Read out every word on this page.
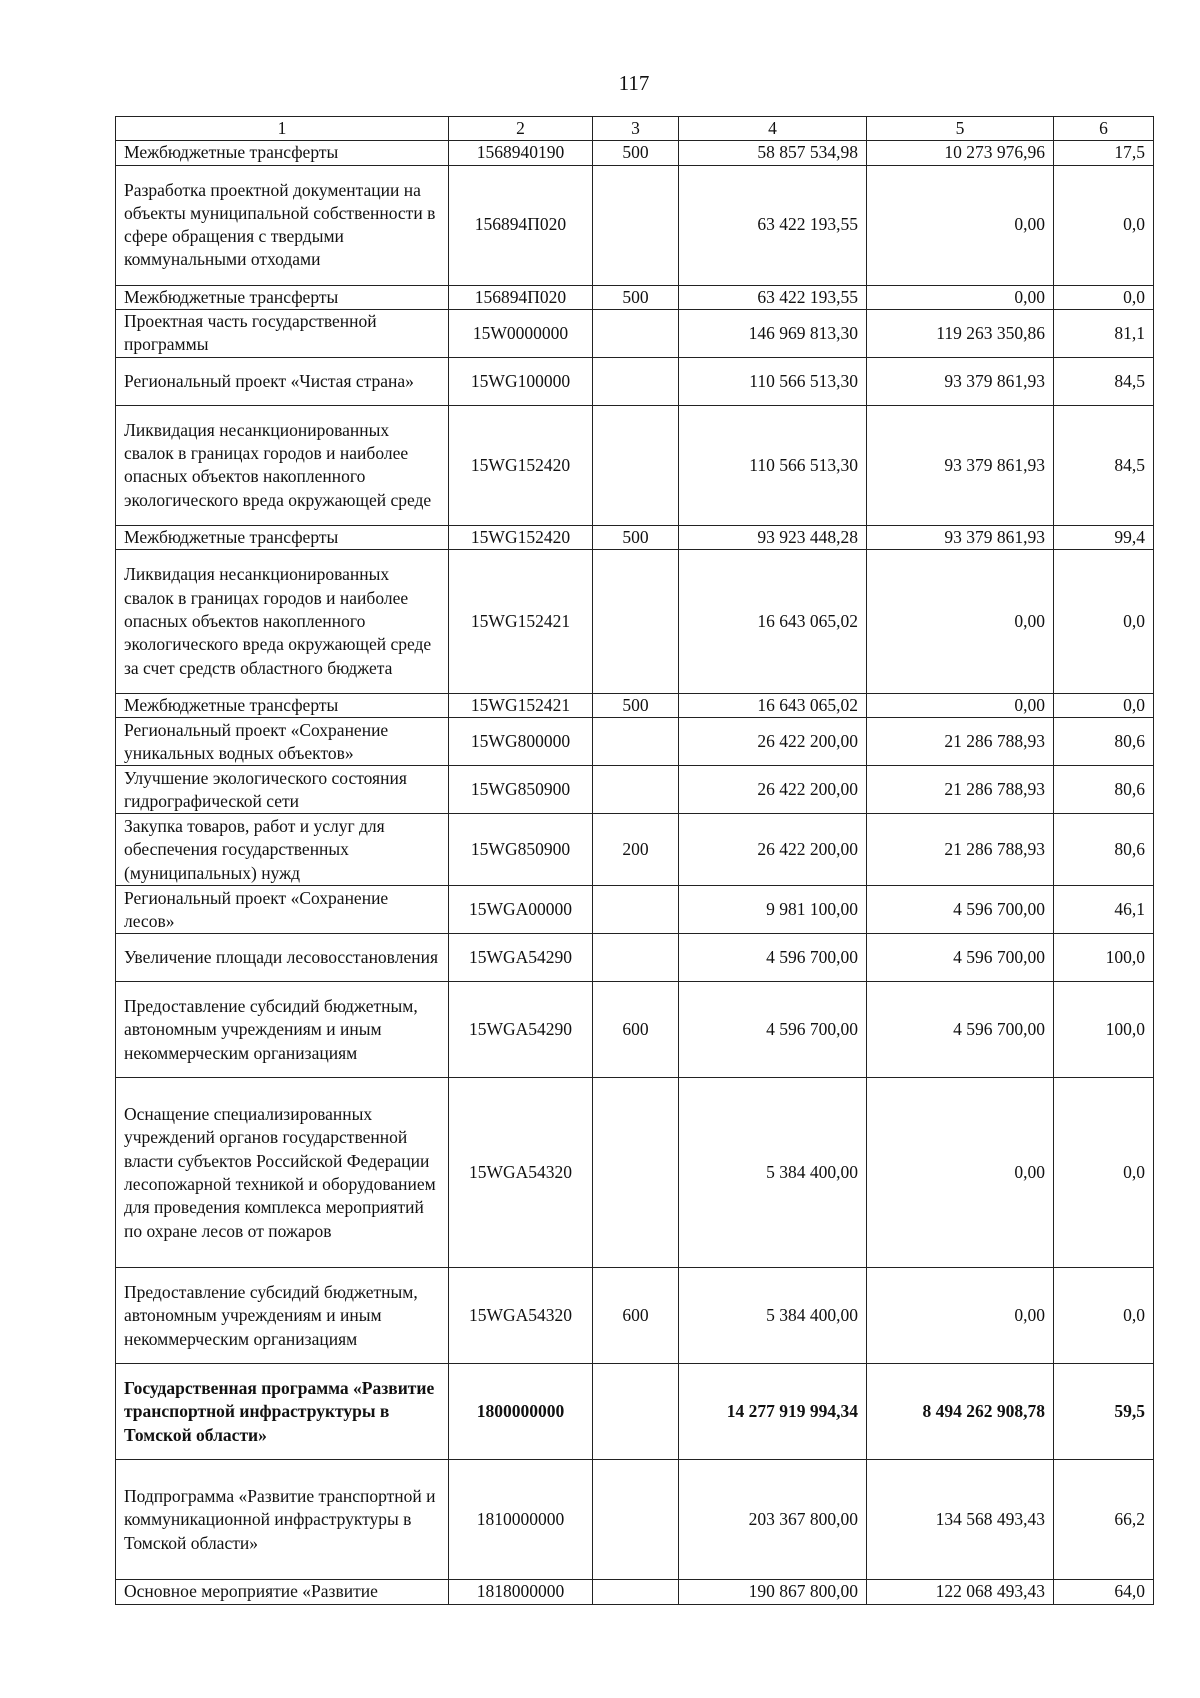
117
1	2	3	4	5	6
Межбюджетные трансферты	1568940190	500	58 857 534,98	10 273 976,96	17,5
Разработка проектной документации на объекты муниципальной собственности в сфере обращения с твердыми коммунальными отходами	156894П020		63 422 193,55	0,00	0,0
Межбюджетные трансферты	156894П020	500	63 422 193,55	0,00	0,0
Проектная часть государственной программы	15W0000000		146 969 813,30	119 263 350,86	81,1
Региональный проект «Чистая страна»	15WG100000		110 566 513,30	93 379 861,93	84,5
Ликвидация несанкционированных свалок в границах городов и наиболее опасных объектов накопленного экологического вреда окружающей среде	15WG152420		110 566 513,30	93 379 861,93	84,5
Межбюджетные трансферты	15WG152420	500	93 923 448,28	93 379 861,93	99,4
Ликвидация несанкционированных свалок в границах городов и наиболее опасных объектов накопленного экологического вреда окружающей среде за счет средств областного бюджета	15WG152421		16 643 065,02	0,00	0,0
Межбюджетные трансферты	15WG152421	500	16 643 065,02	0,00	0,0
Региональный проект «Сохранение уникальных водных объектов»	15WG800000		26 422 200,00	21 286 788,93	80,6
Улучшение экологического состояния гидрографической сети	15WG850900		26 422 200,00	21 286 788,93	80,6
Закупка товаров, работ и услуг для обеспечения государственных (муниципальных) нужд	15WG850900	200	26 422 200,00	21 286 788,93	80,6
Региональный проект «Сохранение лесов»	15WGA00000		9 981 100,00	4 596 700,00	46,1
Увеличение площади лесовосстановления	15WGA54290		4 596 700,00	4 596 700,00	100,0
Предоставление субсидий бюджетным, автономным учреждениям и иным некоммерческим организациям	15WGA54290	600	4 596 700,00	4 596 700,00	100,0
Оснащение специализированных учреждений органов государственной власти субъектов Российской Федерации лесопожарной техникой и оборудованием для проведения комплекса мероприятий по охране лесов от пожаров	15WGA54320		5 384 400,00	0,00	0,0
Предоставление субсидий бюджетным, автономным учреждениям и иным некоммерческим организациям	15WGA54320	600	5 384 400,00	0,00	0,0
Государственная программа «Развитие транспортной инфраструктуры в Томской области»	1800000000		14 277 919 994,34	8 494 262 908,78	59,5
Подпрограмма «Развитие транспортной и коммуникационной инфраструктуры в Томской области»	1810000000		203 367 800,00	134 568 493,43	66,2
Основное мероприятие «Развитие	1818000000		190 867 800,00	122 068 493,43	64,0
